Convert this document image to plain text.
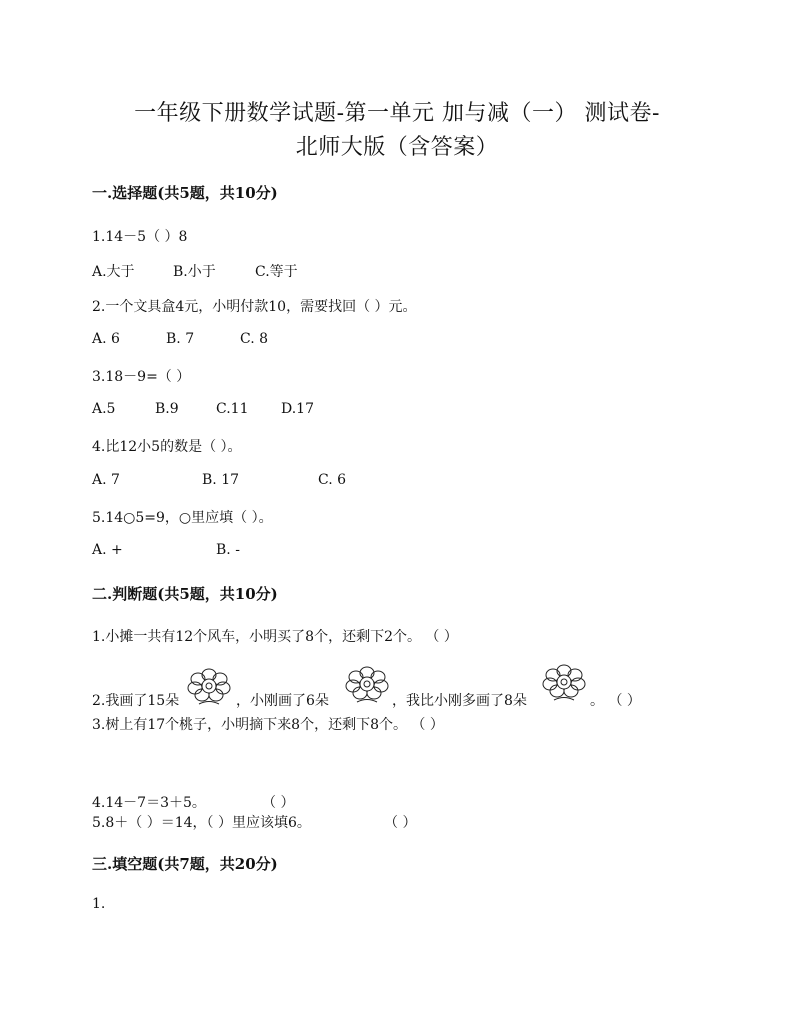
一年级下册数学试题-第一单元 加与减（一） 测试卷-
北师大版（含答案）
一.选择题(共5题，共10分)
1.14－5（ ）8
A.大于	B.小于	C.等于
2.一个文具盒4元，小明付款10，需要找回（ ）元。
A. 6	B. 7	C. 8
3.18－9=（ ）
A.5	B.9	C.11 D.17
4.比12小5的数是（ ）。
A. 7	B. 17	C. 6
5.14○5=9，○里应填（ ）。
A. +	B. -
二.判断题(共5题，共10分)
1.小摊一共有12个风车，小明买了8个，还剩下2个。 （ ）
2.我画了15朵	，小刚画了6朵	，我比小刚多画了8朵	。 （ ）
3.树上有17个桃子，小明摘下来8个，还剩下8个。 （ ）
4.14－7＝3＋5。	（ ）
5.8＋（ ）＝14，（ ）里应该填6。	（ ）
三.填空题(共7题，共20分)
1.
